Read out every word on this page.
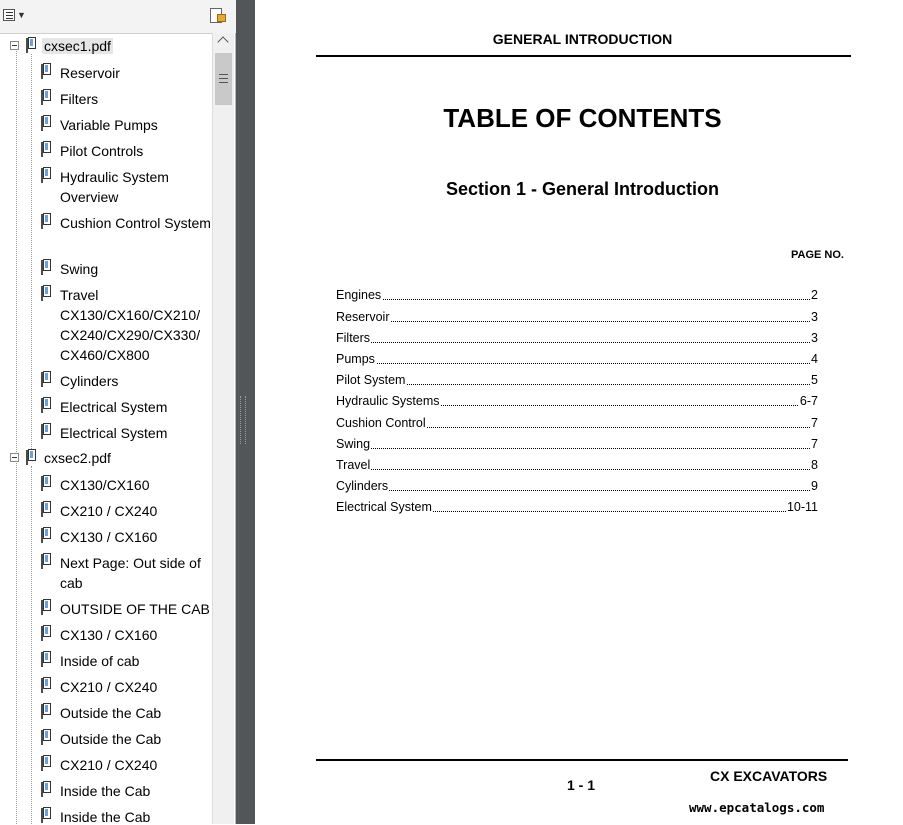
▼
cxsec1.pdf
Reservoir
Filters
Variable Pumps
Pilot Controls
Hydraulic System Overview
Cushion Control System
Swing
Travel CX130/CX160/CX210/ CX240/CX290/CX330/ CX460/CX800
Cylinders
Electrical System
Electrical System
cxsec2.pdf
CX130/CX160
CX210 / CX240
CX130 / CX160
Next Page: Out side of cab
OUTSIDE OF THE CAB
CX130 / CX160
Inside of cab
CX210 / CX240
Outside the Cab
Outside the Cab
CX210 / CX240
Inside the Cab
Inside the Cab
GENERAL INTRODUCTION
TABLE OF CONTENTS
Section 1 - General Introduction
PAGE NO.
Engines	2
Reservoir	3
Filters	3
Pumps	4
Pilot System	5
Hydraulic Systems	6-7
Cushion Control	7
Swing	7
Travel	8
Cylinders	9
Electrical System	10-11
1 - 1
CX EXCAVATORS
www.epcatalogs.com
